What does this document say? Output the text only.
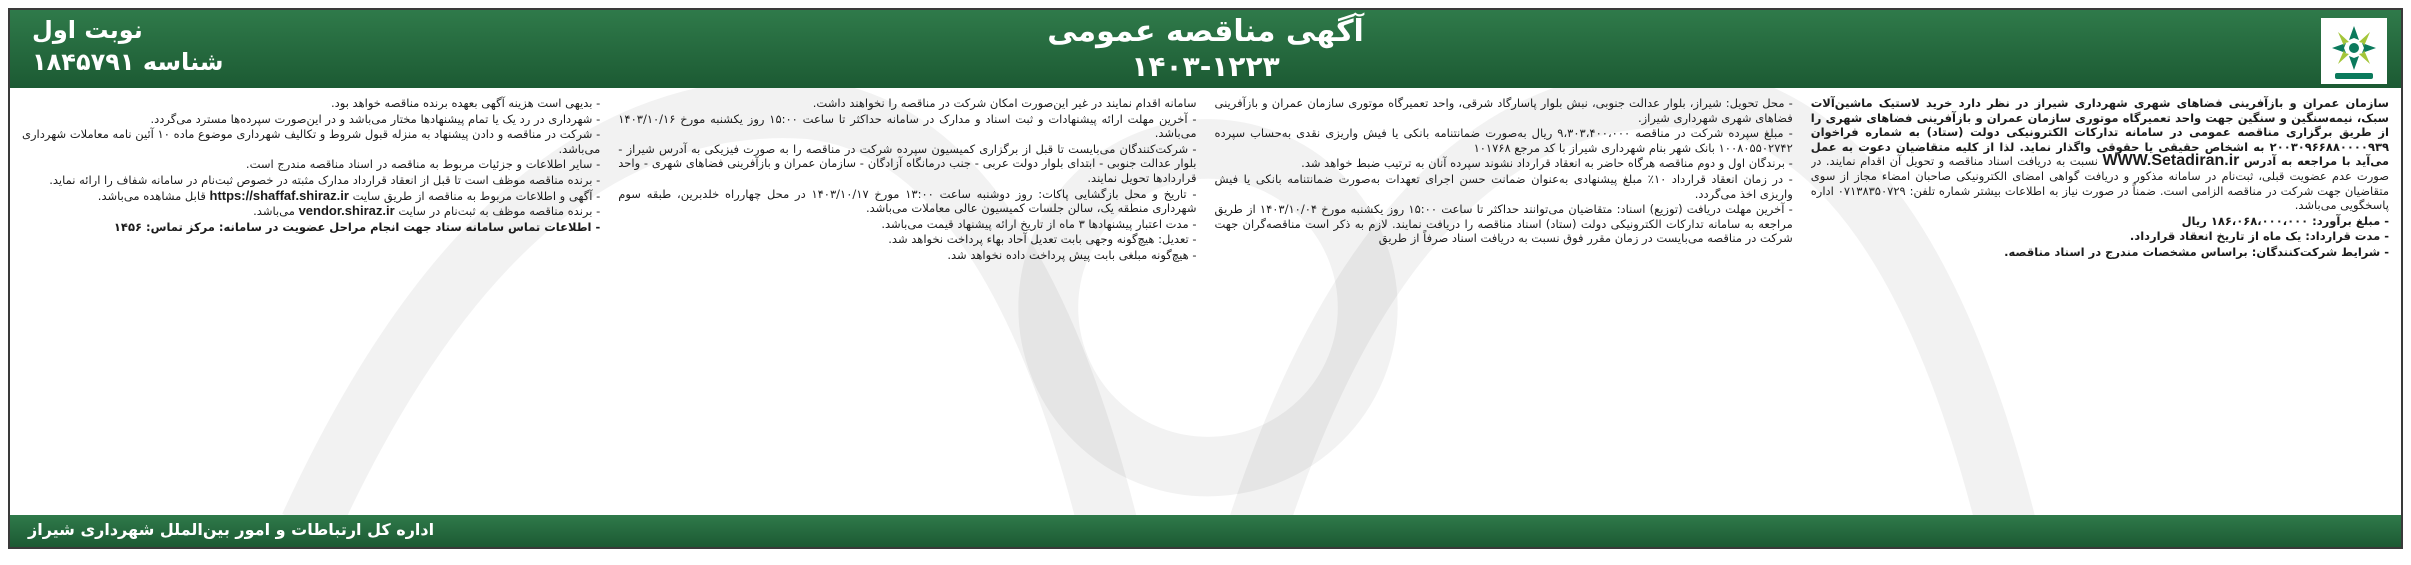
آگهی مناقصه عمومی
۱۴۰۳-۱۲۲۳
نوبت اول
شناسه ۱۸۴۵۷۹۱

سازمان عمران و بازآفرینی فضاهای شهری شهرداری شیراز در نظر دارد خرید لاستیک ماشین‌آلات سبک، نیمه‌سنگین و سنگین جهت واحد تعمیرگاه موتوری سازمان عمران و بازآفرینی فضاهای شهری را از طریق برگزاری مناقصه عمومی در سامانه تدارکات الکترونیکی دولت (ستاد) به شماره فراخوان ۲۰۰۳۰۹۶۶۸۸۰۰۰۰۹۳۹ به اشخاص حقیقی یا حقوقی واگذار نماید. لذا از کلیه متقاضیان دعوت به عمل می‌آید با مراجعه به آدرس WWW.Setadiran.ir نسبت به دریافت اسناد مناقصه و تحویل آن اقدام نمایند. در صورت عدم عضویت قبلی، ثبت‌نام در سامانه مذکور و دریافت گواهی امضای الکترونیکی صاحبان امضاء مجاز از سوی متقاضیان جهت شرکت در مناقصه الزامی است. ضمناً در صورت نیاز به اطلاعات بیشتر شماره تلفن: ۰۷۱۳۸۳۵۰۷۲۹ اداره پاسخگویی می‌باشد.

- مبلغ برآورد: ۱۸۶،۰۶۸،۰۰۰،۰۰۰ ریال

- مدت قرارداد: یک ماه از تاریخ انعقاد قرارداد.

- شرایط شرکت‌کنندگان: براساس مشخصات مندرج در اسناد مناقصه.

- محل تحویل: شیراز، بلوار عدالت جنوبی، نبش بلوار پاسارگاد شرقی، واحد تعمیرگاه موتوری سازمان عمران و بازآفرینی فضاهای شهری شهرداری شیراز.

- مبلغ سپرده شرکت در مناقصه ۹،۳۰۳،۴۰۰،۰۰۰ ریال به‌صورت ضمانتنامه بانکی یا فیش واریزی نقدی به‌حساب سپرده ۱۰۰۸۰۵۵۰۲۷۴۲ بانک شهر بنام شهرداری شیراز با کد مرجع ۱۰۱۷۶۸

- برندگان اول و دوم مناقصه هرگاه حاضر به انعقاد قرارداد نشوند سپرده آنان به ترتیب ضبط خواهد شد.

- در زمان انعقاد قرارداد ۱۰٪ مبلغ پیشنهادی به‌عنوان ضمانت حسن اجرای تعهدات به‌صورت ضمانتنامه بانکی یا فیش واریزی اخذ می‌گردد.

- آخرین مهلت دریافت (توزیع) اسناد: متقاضیان می‌توانند حداکثر تا ساعت ۱۵:۰۰ روز یکشنبه مورخ ۱۴۰۳/۱۰/۰۴ از طریق مراجعه به سامانه تدارکات الکترونیکی دولت (ستاد) اسناد مناقصه را دریافت نمایند. لازم به ذکر است مناقصه‌گران جهت شرکت در مناقصه می‌بایست در زمان مقرر فوق نسبت به دریافت اسناد صرفاً از طریق

سامانه اقدام نمایند در غیر این‌صورت امکان شرکت در مناقصه را نخواهند داشت.

- آخرین مهلت ارائه پیشنهادات و ثبت اسناد و مدارک در سامانه حداکثر تا ساعت ۱۵:۰۰ روز یکشنبه مورخ ۱۴۰۳/۱۰/۱۶ می‌باشد.

- شرکت‌کنندگان می‌بایست تا قبل از برگزاری کمیسیون سپرده شرکت در مناقصه را به صورت فیزیکی به آدرس شیراز - بلوار عدالت جنوبی - ابتدای بلوار دولت عربی - جنب درمانگاه آزادگان - سازمان عمران و بازآفرینی فضاهای شهری - واحد قراردادها تحویل نمایند.

- تاریخ و محل بازگشایی پاکات: روز دوشنبه ساعت ۱۳:۰۰ مورخ ۱۴۰۳/۱۰/۱۷ در محل چهارراه خلدبرین، طبقه سوم شهرداری منطقه یک، سالن جلسات کمیسیون عالی معاملات می‌باشد.

- مدت اعتبار پیشنهادها ۳ ماه از تاریخ ارائه پیشنهاد قیمت می‌باشد.

- تعدیل: هیچ‌گونه وجهی بابت تعدیل آحاد بهاء پرداخت نخواهد شد.

- هیچ‌گونه مبلغی بابت پیش پرداخت داده نخواهد شد.

- بدیهی است هزینه آگهی بعهده برنده مناقصه خواهد بود.

- شهرداری در رد یک یا تمام پیشنهادها مختار می‌باشد و در این‌صورت سپرده‌ها مسترد می‌گردد.

- شرکت در مناقصه و دادن پیشنهاد به منزله قبول شروط و تکالیف شهرداری موضوع ماده ۱۰ آئین نامه معاملات شهرداری می‌باشد.

- سایر اطلاعات و جزئیات مربوط به مناقصه در اسناد مناقصه مندرج است.

- برنده مناقصه موظف است تا قبل از انعقاد قرارداد مدارک مثبته در خصوص ثبت‌نام در سامانه شفاف را ارائه نماید.

- آگهی و اطلاعات مربوط به مناقصه از طریق سایت https://shaffaf.shiraz.ir قابل مشاهده می‌باشد.

- برنده مناقصه موظف به ثبت‌نام در سایت vendor.shiraz.ir می‌باشد.

- اطلاعات تماس سامانه ستاد جهت انجام مراحل عضویت در سامانه: مرکز تماس: ۱۴۵۶

اداره کل ارتباطات و امور بین‌الملل شهرداری شیراز
